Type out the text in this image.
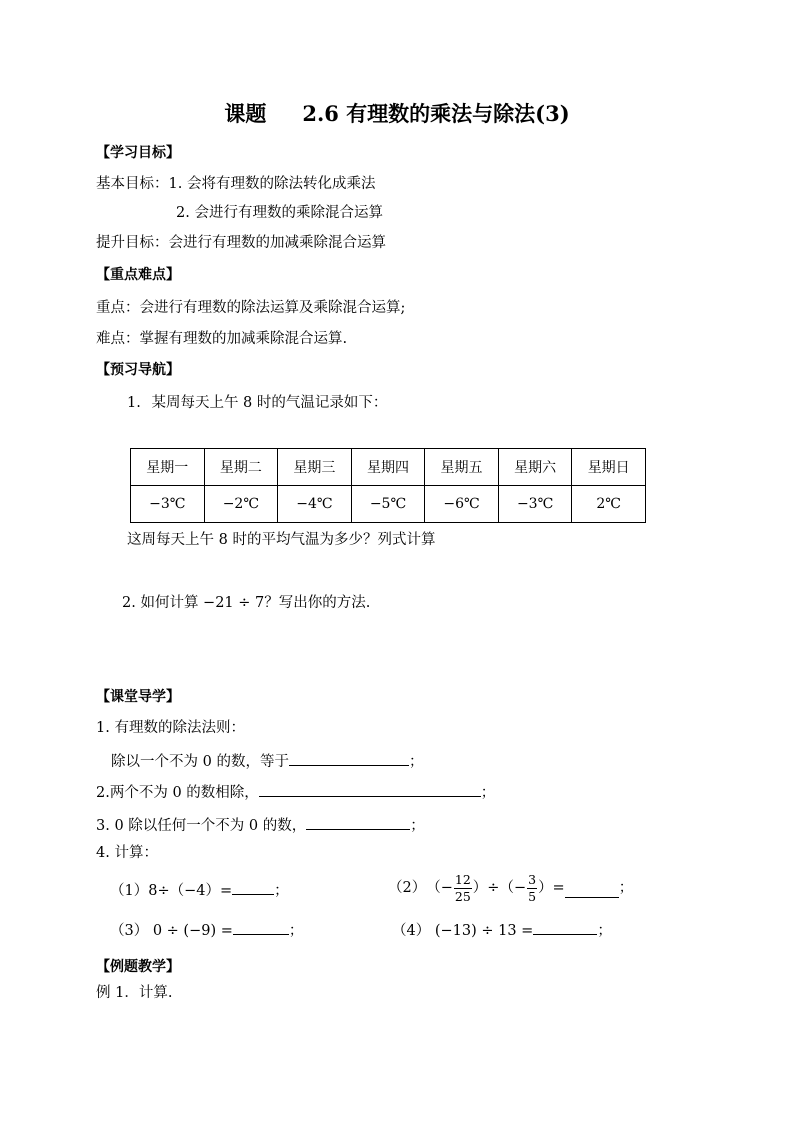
课题 2.6 有理数的乘法与除法(3)
【学习目标】
基本目标：1. 会将有理数的除法转化成乘法
2. 会进行有理数的乘除混合运算
提升目标：会进行有理数的加减乘除混合运算
【重点难点】
重点：会进行有理数的除法运算及乘除混合运算;
难点：掌握有理数的加减乘除混合运算.
【预习导航】
1. 某周每天上午 8 时的气温记录如下：
星期一	星期二	星期三	星期四	星期五	星期六	星期日
−3℃	−2℃	−4℃	−5℃	−6℃	−3℃	2℃
这周每天上午 8 时的平均气温为多少？列式计算
2. 如何计算 −21 ÷ 7？写出你的方法.
【课堂导学】
1. 有理数的除法法则：
除以一个不为 0 的数，等于	；
2.两个不为 0 的数相除，	；
3. 0 除以任何一个不为 0 的数，	；
4. 计算：
（1）8÷（−4）=	；	（2） （− $\frac{12}{25}$ ）÷（− $\frac{3}{5}$ ）=	；
（3） 0 ÷ (−9) =	；	（4） (−13) ÷ 13 =	；
【例题教学】
例 1．计算.
